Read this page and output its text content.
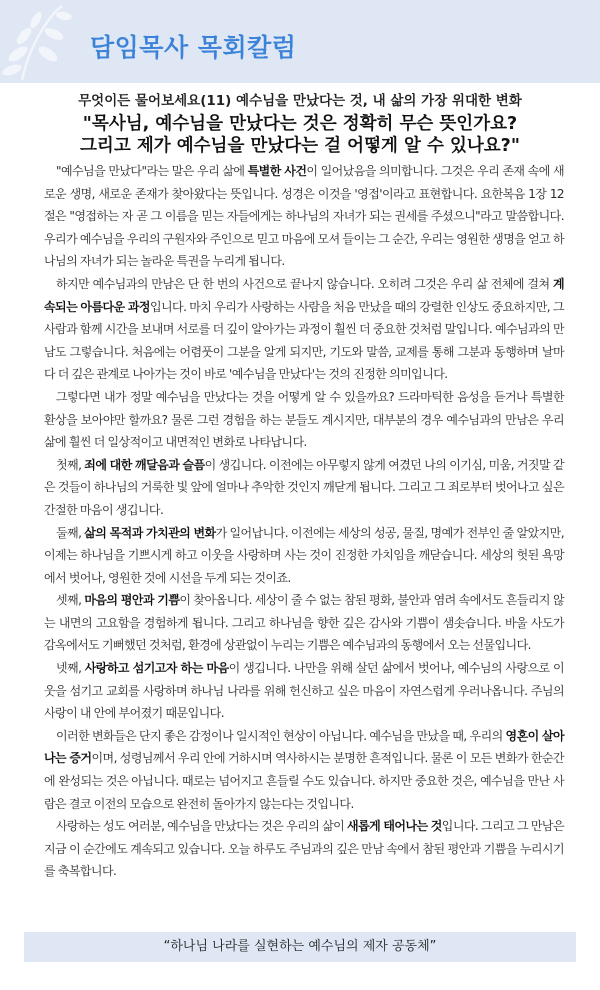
담임목사 목회칼럼
무엇이든 물어보세요(11) 예수님을 만났다는 것, 내 삶의 가장 위대한 변화
"목사님, 예수님을 만났다는 것은 정확히 무슨 뜻인가요?
그리고 제가 예수님을 만났다는 걸 어떻게 알 수 있나요?"

"예수님을 만났다"라는 말은 우리 삶에 특별한 사건이 일어났음을 의미합니다. 그것은 우리 존재 속에 새로운 생명, 새로운 존재가 찾아왔다는 뜻입니다. 성경은 이것을 '영접'이라고 표현합니다. 요한복음 1장 12절은 "영접하는 자 곧 그 이름을 믿는 자들에게는 하나님의 자녀가 되는 권세를 주셨으니"라고 말씀합니다. 우리가 예수님을 우리의 구원자와 주인으로 믿고 마음에 모셔 들이는 그 순간, 우리는 영원한 생명을 얻고 하나님의 자녀가 되는 놀라운 특권을 누리게 됩니다.

하지만 예수님과의 만남은 단 한 번의 사건으로 끝나지 않습니다. 오히려 그것은 우리 삶 전체에 걸쳐 계속되는 아름다운 과정입니다. 마치 우리가 사랑하는 사람을 처음 만났을 때의 강렬한 인상도 중요하지만, 그 사람과 함께 시간을 보내며 서로를 더 깊이 알아가는 과정이 훨씬 더 중요한 것처럼 말입니다. 예수님과의 만남도 그렇습니다. 처음에는 어렴풋이 그분을 알게 되지만, 기도와 말씀, 교제를 통해 그분과 동행하며 날마다 더 깊은 관계로 나아가는 것이 바로 '예수님을 만났다'는 것의 진정한 의미입니다.

그렇다면 내가 정말 예수님을 만났다는 것을 어떻게 알 수 있을까요? 드라마틱한 음성을 듣거나 특별한 환상을 보아야만 할까요? 물론 그런 경험을 하는 분들도 계시지만, 대부분의 경우 예수님과의 만남은 우리 삶에 훨씬 더 일상적이고 내면적인 변화로 나타납니다.

첫째, 죄에 대한 깨달음과 슬픔이 생깁니다. 이전에는 아무렇지 않게 여겼던 나의 이기심, 미움, 거짓말 같은 것들이 하나님의 거룩한 빛 앞에 얼마나 추악한 것인지 깨닫게 됩니다. 그리고 그 죄로부터 벗어나고 싶은 간절한 마음이 생깁니다.

둘째, 삶의 목적과 가치관의 변화가 일어납니다. 이전에는 세상의 성공, 물질, 명예가 전부인 줄 알았지만, 이제는 하나님을 기쁘시게 하고 이웃을 사랑하며 사는 것이 진정한 가치임을 깨닫습니다. 세상의 헛된 욕망에서 벗어나, 영원한 것에 시선을 두게 되는 것이죠.

셋째, 마음의 평안과 기쁨이 찾아옵니다. 세상이 줄 수 없는 참된 평화, 불안과 염려 속에서도 흔들리지 않는 내면의 고요함을 경험하게 됩니다. 그리고 하나님을 향한 깊은 감사와 기쁨이 샘솟습니다. 바울 사도가 감옥에서도 기뻐했던 것처럼, 환경에 상관없이 누리는 기쁨은 예수님과의 동행에서 오는 선물입니다.

넷째, 사랑하고 섬기고자 하는 마음이 생깁니다. 나만을 위해 살던 삶에서 벗어나, 예수님의 사랑으로 이웃을 섬기고 교회를 사랑하며 하나님 나라를 위해 헌신하고 싶은 마음이 자연스럽게 우러나옵니다. 주님의 사랑이 내 안에 부어졌기 때문입니다.

이러한 변화들은 단지 좋은 감정이나 일시적인 현상이 아닙니다. 예수님을 만났을 때, 우리의 영혼이 살아나는 증거이며, 성령님께서 우리 안에 거하시며 역사하시는 분명한 흔적입니다. 물론 이 모든 변화가 한순간에 완성되는 것은 아닙니다. 때로는 넘어지고 흔들릴 수도 있습니다. 하지만 중요한 것은, 예수님을 만난 사람은 결코 이전의 모습으로 완전히 돌아가지 않는다는 것입니다.

사랑하는 성도 여러분, 예수님을 만났다는 것은 우리의 삶이 새롭게 태어나는 것입니다. 그리고 그 만남은 지금 이 순간에도 계속되고 있습니다. 오늘 하루도 주님과의 깊은 만남 속에서 참된 평안과 기쁨을 누리시기를 축복합니다.

“하나님 나라를 실현하는 예수님의 제자 공동체”
